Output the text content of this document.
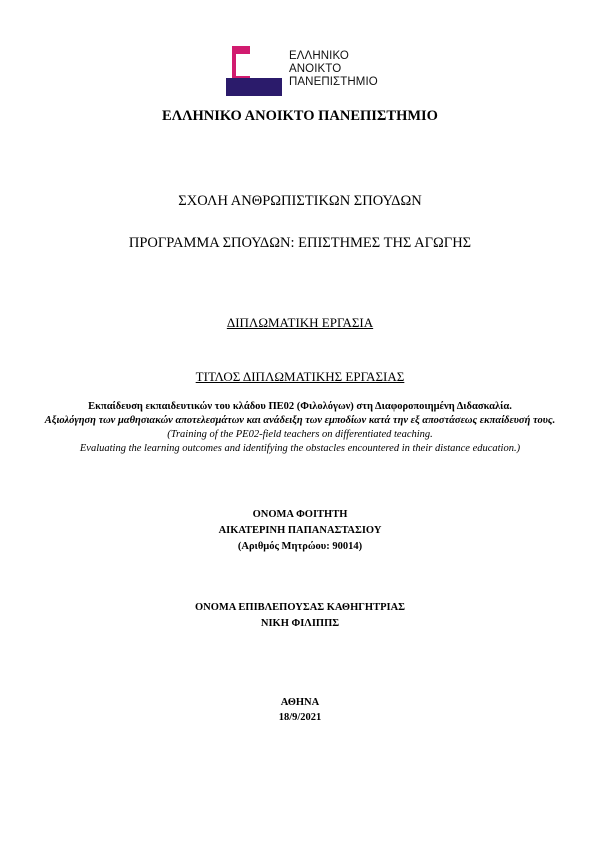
ΕΛΛΗΝΙΚΟ
ΑΝΟΙΚΤΟ
ΠΑΝΕΠΙΣΤΗΜΙΟ
ΕΛΛΗΝΙΚΟ ΑΝΟΙΚΤΟ ΠΑΝΕΠΙΣΤΗΜΙΟ
ΣΧΟΛΗ ΑΝΘΡΩΠΙΣΤΙΚΩΝ ΣΠΟΥΔΩΝ
ΠΡΟΓΡΑΜΜΑ ΣΠΟΥΔΩΝ: ΕΠΙΣΤΗΜΕΣ ΤΗΣ ΑΓΩΓΗΣ
ΔΙΠΛΩΜΑΤΙΚΗ ΕΡΓΑΣΙΑ
ΤΙΤΛΟΣ ΔΙΠΛΩΜΑΤΙΚΗΣ ΕΡΓΑΣΙΑΣ
Εκπαίδευση εκπαιδευτικών του κλάδου ΠΕ02 (Φιλολόγων) στη Διαφοροποιημένη Διδασκαλία.
Αξιολόγηση των μαθησιακών αποτελεσμάτων και ανάδειξη των εμποδίων κατά την εξ αποστάσεως εκπαίδευσή τους.
(Training of the PE02-field teachers on differentiated teaching.
Evaluating the learning outcomes and identifying the obstacles encountered in their distance education.)
ΟΝΟΜΑ ΦΟΙΤΗΤΗ
ΑΙΚΑΤΕΡΙΝΗ ΠΑΠΑΝΑΣΤΑΣΙΟΥ
(Αριθμός Μητρώου: 90014)
ΟΝΟΜΑ ΕΠΙΒΛΕΠΟΥΣΑΣ ΚΑΘΗΓΗΤΡΙΑΣ
ΝΙΚΗ ΦΙΛΙΠΠΣ
ΑΘΗΝΑ
18/9/2021
